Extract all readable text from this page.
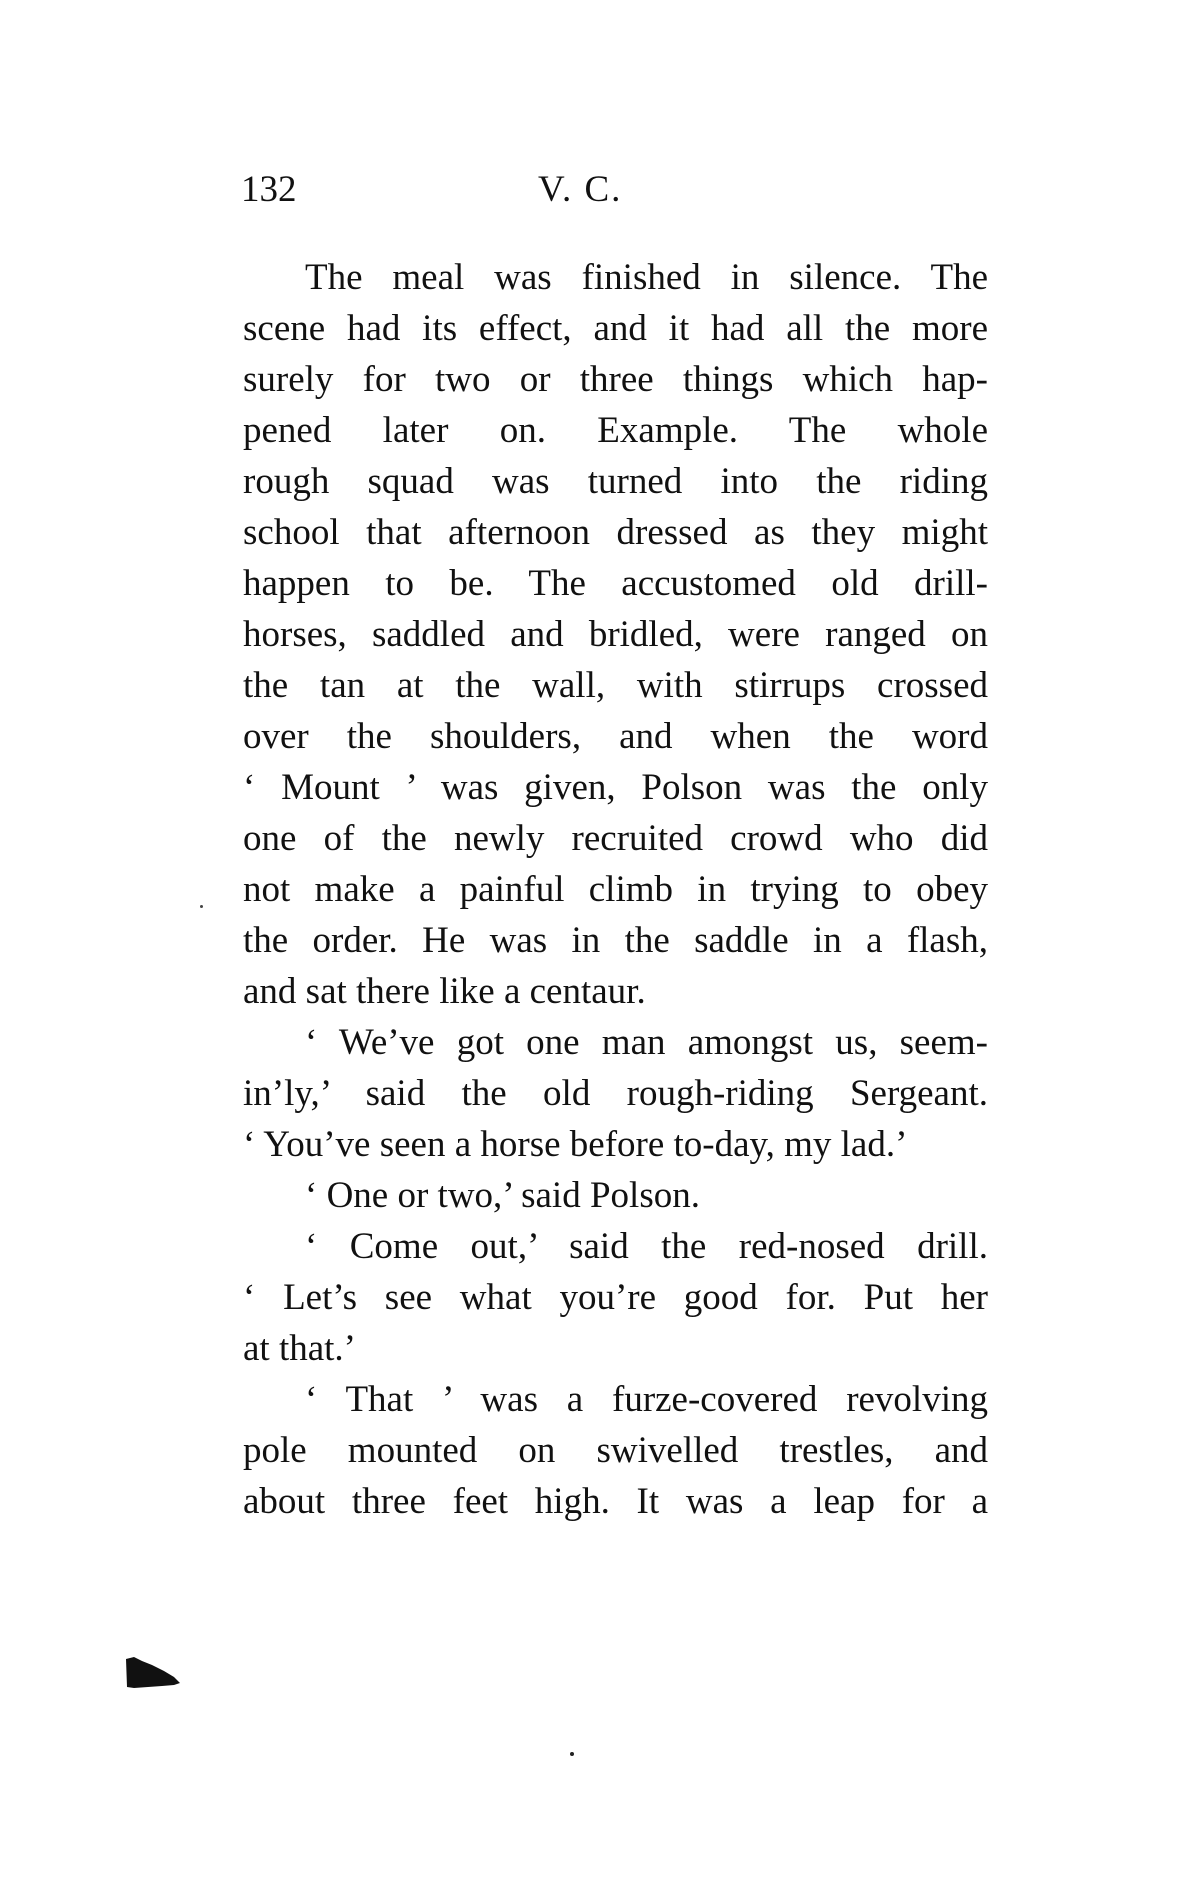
132	V. C.
The meal was finished in silence. The
scene had its effect, and it had all the more
surely for two or three things which hap-
pened later on. Example. The whole
rough squad was turned into the riding
school that afternoon dressed as they might
happen to be. The accustomed old drill-
horses, saddled and bridled, were ranged on
the tan at the wall, with stirrups crossed
over the shoulders, and when the word
‘ Mount ’ was given, Polson was the only
one of the newly recruited crowd who did
not make a painful climb in trying to obey
the order. He was in the saddle in a flash,
and sat there like a centaur.
‘ We’ve got one man amongst us, seem-
in’ly,’ said the old rough-riding Sergeant.
‘ You’ve seen a horse before to-day, my lad.’
‘ One or two,’ said Polson.
‘ Come out,’ said the red-nosed drill.
‘ Let’s see what you’re good for. Put her
at that.’
‘ That ’ was a furze-covered revolving
pole mounted on swivelled trestles, and
about three feet high. It was a leap for a
